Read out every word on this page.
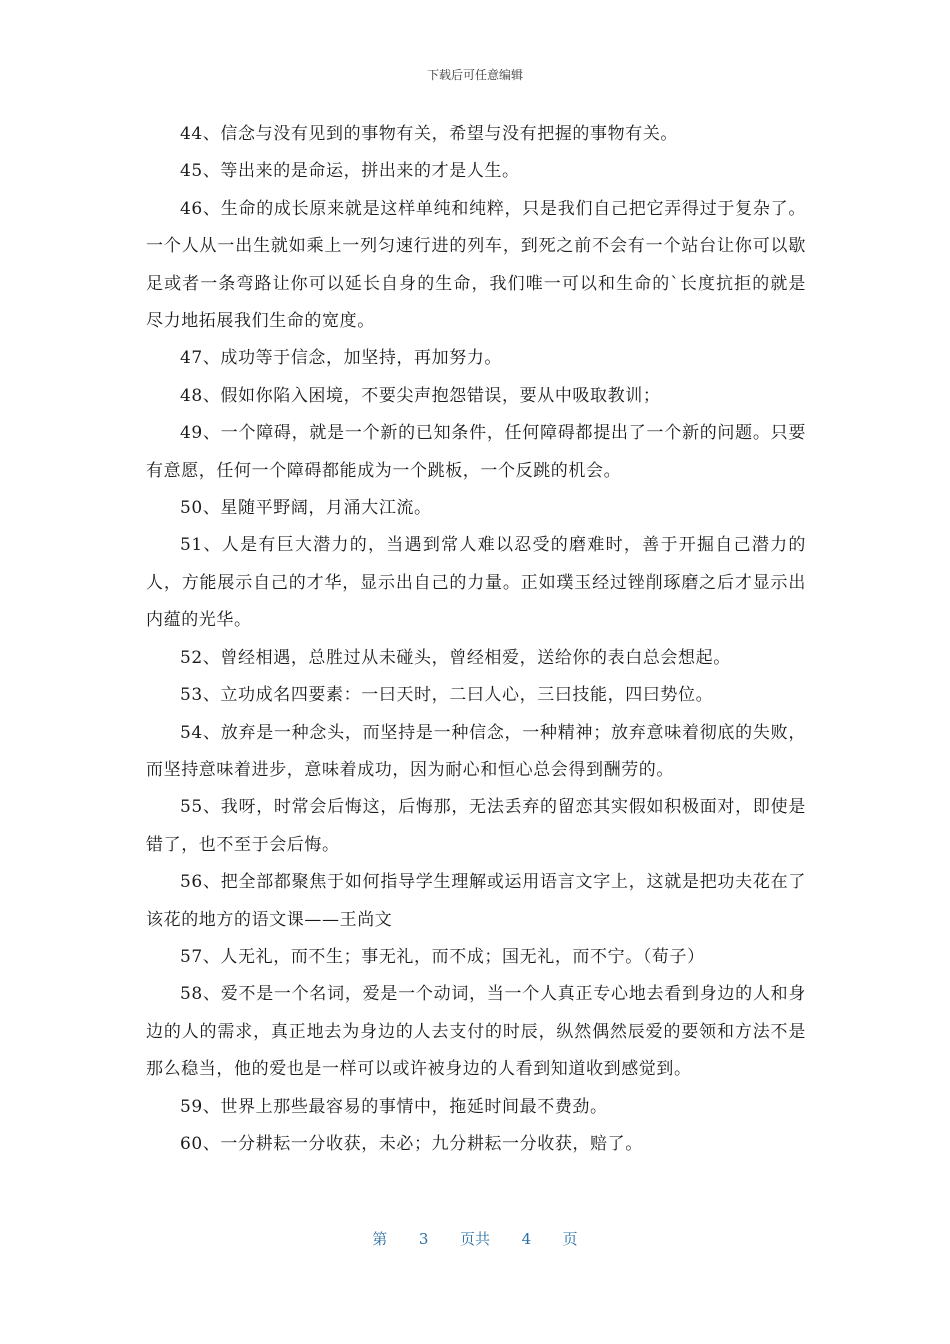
下载后可任意编辑

44、信念与没有见到的事物有关，希望与没有把握的事物有关。

45、等出来的是命运，拼出来的才是人生。

46、生命的成长原来就是这样单纯和纯粹，只是我们自己把它弄得过于复杂了。一个人从一出生就如乘上一列匀速行进的列车，到死之前不会有一个站台让你可以歇足或者一条弯路让你可以延长自身的生命，我们唯一可以和生命的`长度抗拒的就是尽力地拓展我们生命的宽度。

47、成功等于信念，加坚持，再加努力。

48、假如你陷入困境，不要尖声抱怨错误，要从中吸取教训；

49、一个障碍，就是一个新的已知条件，任何障碍都提出了一个新的问题。只要有意愿，任何一个障碍都能成为一个跳板，一个反跳的机会。

50、星随平野阔，月涌大江流。

51、人是有巨大潜力的，当遇到常人难以忍受的磨难时，善于开掘自己潜力的人，方能展示自己的才华，显示出自己的力量。正如璞玉经过锉削琢磨之后才显示出内蕴的光华。

52、曾经相遇，总胜过从未碰头，曾经相爱，送给你的表白总会想起。

53、立功成名四要素：一曰天时，二曰人心，三曰技能，四曰势位。

54、放弃是一种念头，而坚持是一种信念，一种精神；放弃意味着彻底的失败，而坚持意味着进步，意味着成功，因为耐心和恒心总会得到酬劳的。

55、我呀，时常会后悔这，后悔那，无法丢弃的留恋其实假如积极面对，即使是错了，也不至于会后悔。

56、把全部都聚焦于如何指导学生理解或运用语言文字上，这就是把功夫花在了该花的地方的语文课——王尚文

57、人无礼，而不生；事无礼，而不成；国无礼，而不宁。（荀子）

58、爱不是一个名词，爱是一个动词，当一个人真正专心地去看到身边的人和身边的人的需求，真正地去为身边的人去支付的时辰，纵然偶然辰爱的要领和方法不是那么稳当，他的爱也是一样可以或许被身边的人看到知道收到感觉到。

59、世界上那些最容易的事情中，拖延时间最不费劲。

60、一分耕耘一分收获，未必；九分耕耘一分收获，赔了。

第 3 页共 4 页
